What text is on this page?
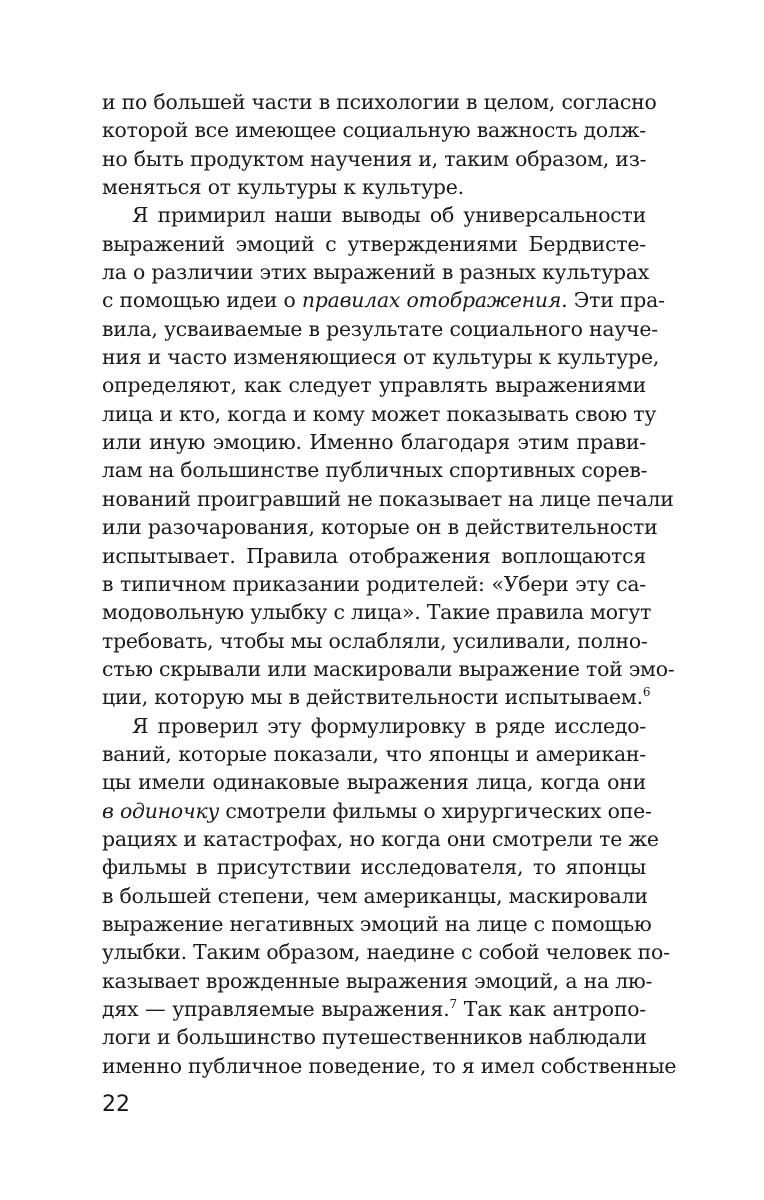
и по большей части в психологии в целом, согласно
которой все имеющее социальную важность долж-
но быть продуктом научения и, таким образом, из-
меняться от культуры к культуре.
Я примирил наши выводы об универсальности
выражений эмоций с утверждениями Бердвисте-
ла о различии этих выражений в разных культурах
с помощью идеи о правилах отображения. Эти пра-
вила, усваиваемые в результате социального науче-
ния и часто изменяющиеся от культуры к культуре,
определяют, как следует управлять выражениями
лица и кто, когда и кому может показывать свою ту
или иную эмоцию. Именно благодаря этим прави-
лам на большинстве публичных спортивных сорев-
нований проигравший не показывает на лице печали
или разочарования, которые он в действительности
испытывает. Правила отображения воплощаются
в типичном приказании родителей: «Убери эту са-
модовольную улыбку с лица». Такие правила могут
требовать, чтобы мы ослабляли, усиливали, полно-
стью скрывали или маскировали выражение той эмо-
ции, которую мы в действительности испытываем.$^6$
Я проверил эту формулировку в ряде исследо-
ваний, которые показали, что японцы и американ-
цы имели одинаковые выражения лица, когда они
в одиночку смотрели фильмы о хирургических опе-
рациях и катастрофах, но когда они смотрели те же
фильмы в присутствии исследователя, то японцы
в большей степени, чем американцы, маскировали
выражение негативных эмоций на лице с помощью
улыбки. Таким образом, наедине с собой человек по-
казывает врожденные выражения эмоций, а на лю-
дях — управляемые выражения.$^7$ Так как антропо-
логи и большинство путешественников наблюдали
именно публичное поведение, то я имел собственные
22
